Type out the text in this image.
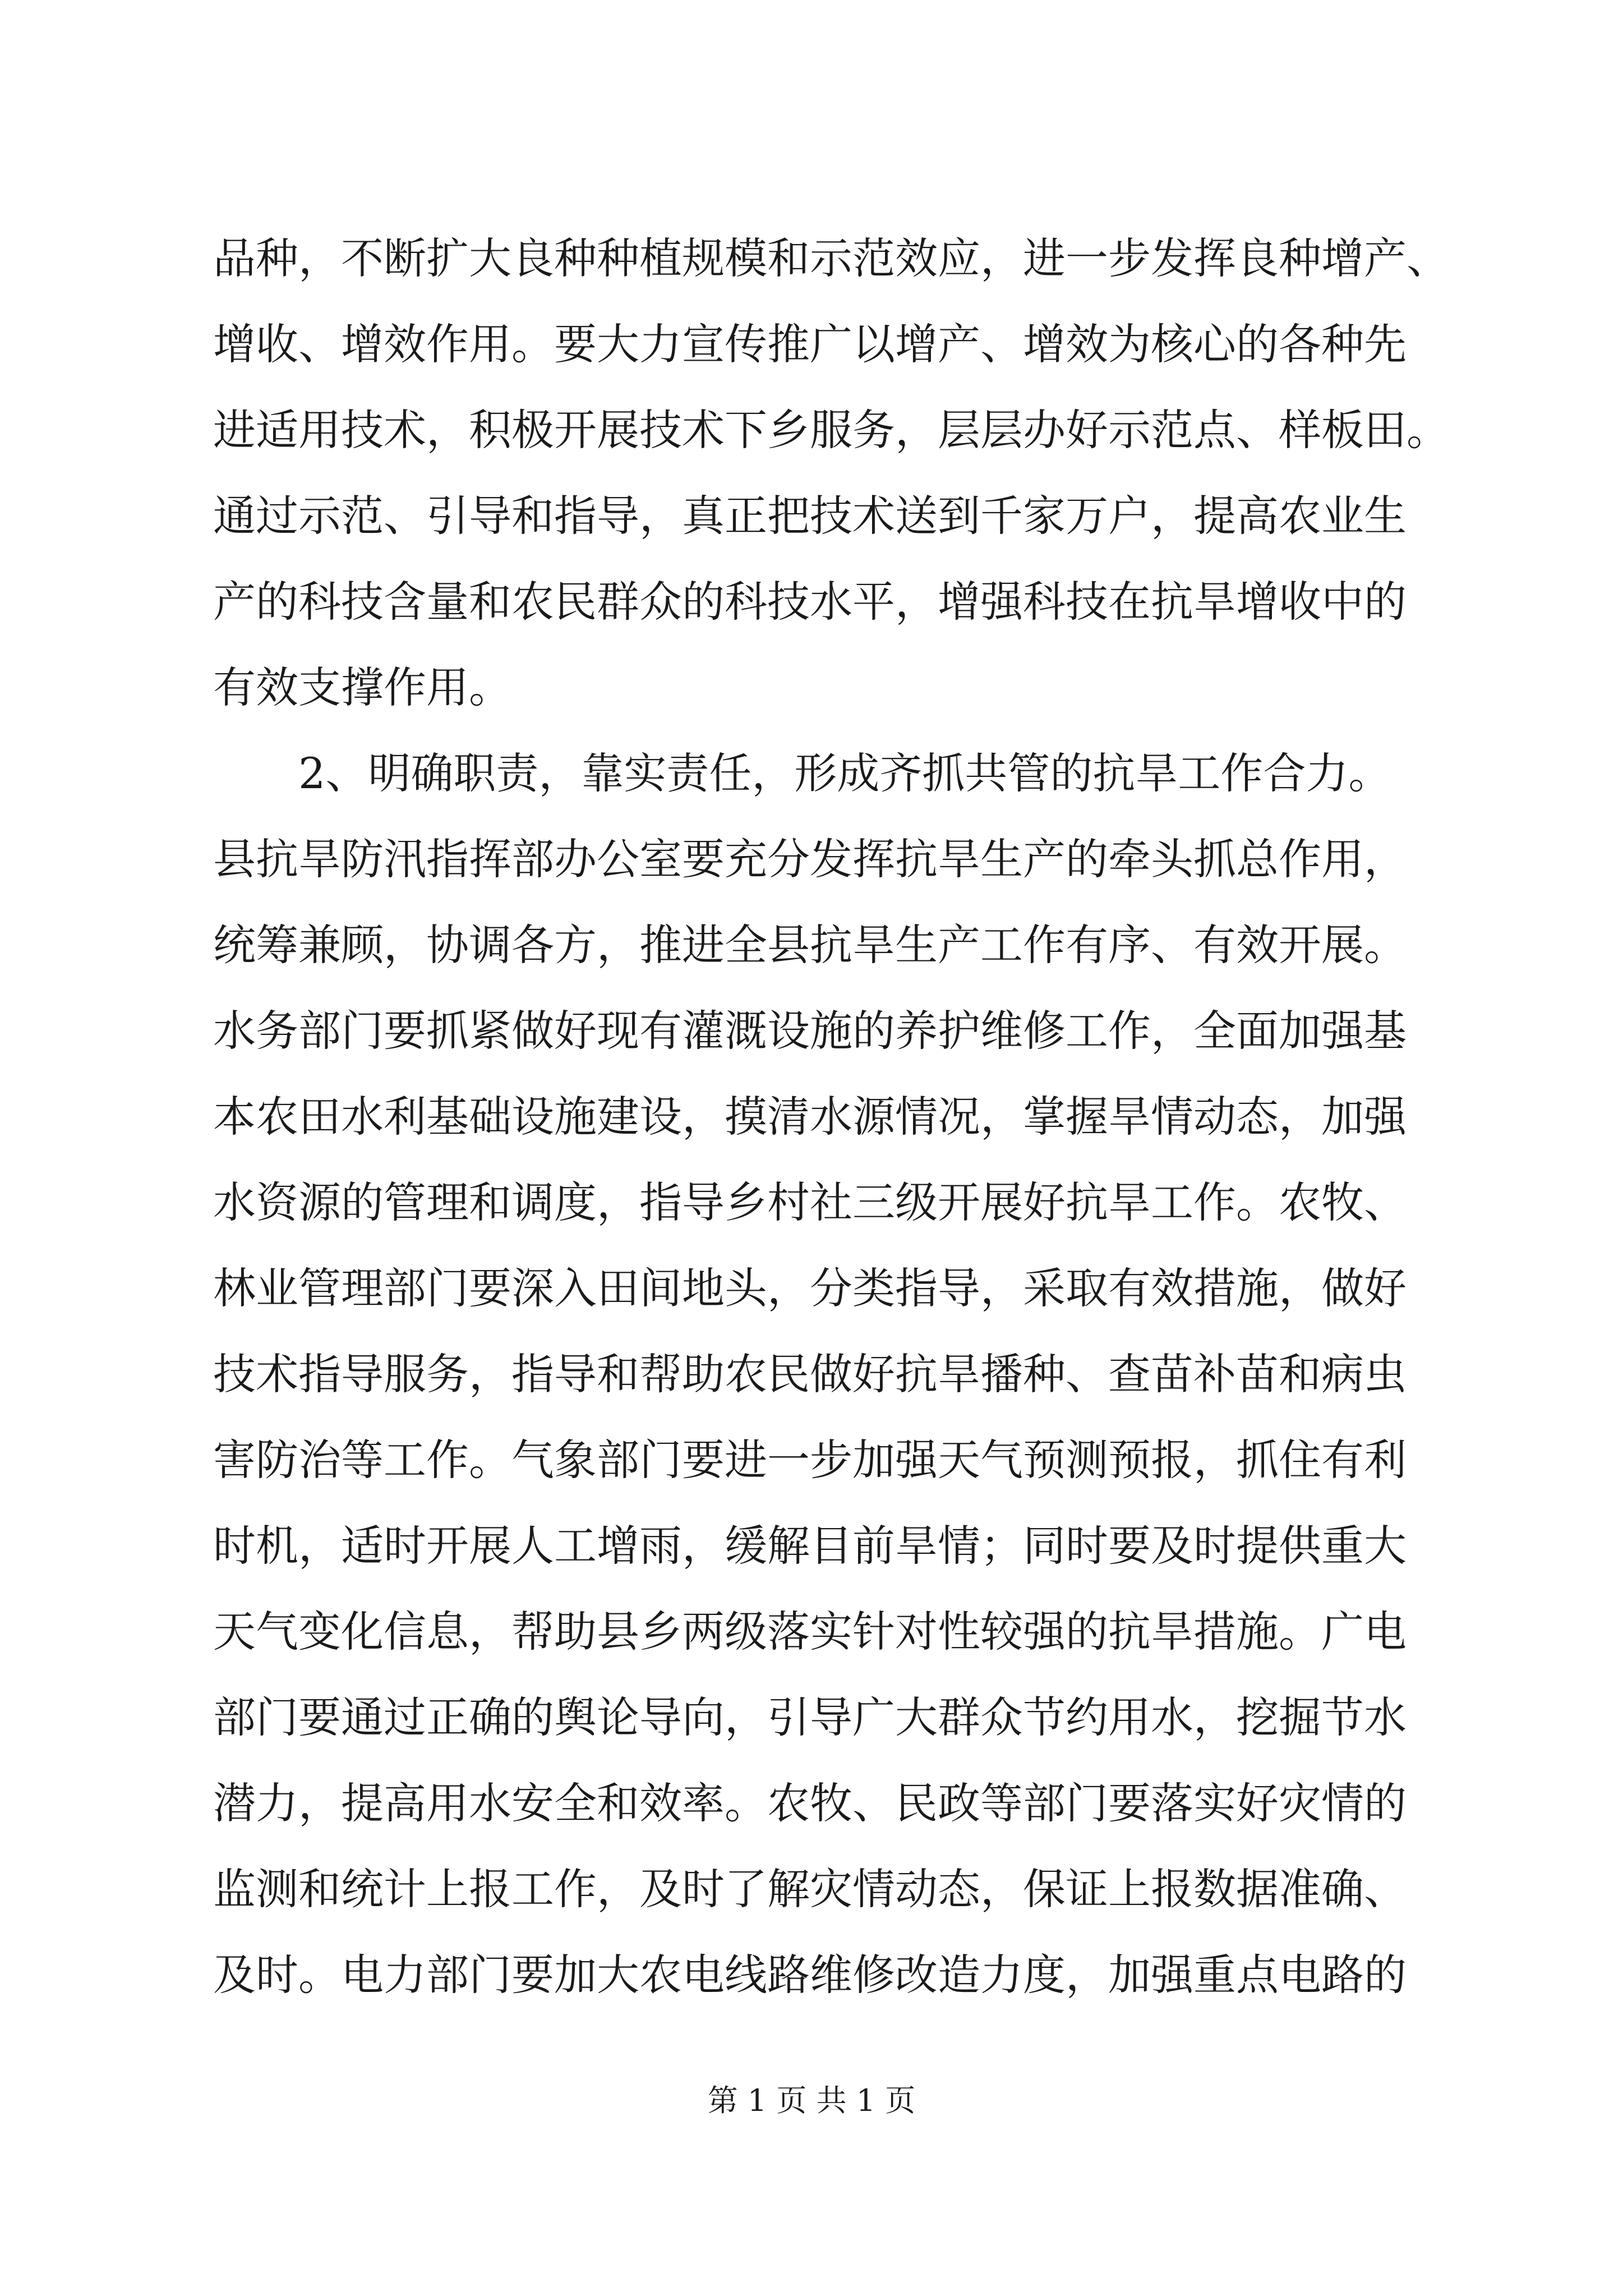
品种，不断扩大良种种植规模和示范效应，进一步发挥良种增产、
增收、增效作用。要大力宣传推广以增产、增效为核心的各种先
进适用技术，积极开展技术下乡服务，层层办好示范点、样板田。
通过示范、引导和指导，真正把技术送到千家万户，提高农业生
产的科技含量和农民群众的科技水平，增强科技在抗旱增收中的
有效支撑作用。
2、明确职责，靠实责任，形成齐抓共管的抗旱工作合力。
县抗旱防汛指挥部办公室要充分发挥抗旱生产的牵头抓总作用，
统筹兼顾，协调各方，推进全县抗旱生产工作有序、有效开展。
水务部门要抓紧做好现有灌溉设施的养护维修工作，全面加强基
本农田水利基础设施建设，摸清水源情况，掌握旱情动态，加强
水资源的管理和调度，指导乡村社三级开展好抗旱工作。农牧、
林业管理部门要深入田间地头，分类指导，采取有效措施，做好
技术指导服务，指导和帮助农民做好抗旱播种、查苗补苗和病虫
害防治等工作。气象部门要进一步加强天气预测预报，抓住有利
时机，适时开展人工增雨，缓解目前旱情；同时要及时提供重大
天气变化信息，帮助县乡两级落实针对性较强的抗旱措施。广电
部门要通过正确的舆论导向，引导广大群众节约用水，挖掘节水
潜力，提高用水安全和效率。农牧、民政等部门要落实好灾情的
监测和统计上报工作，及时了解灾情动态，保证上报数据准确、
及时。电力部门要加大农电线路维修改造力度，加强重点电路的
第 1 页 共 1 页
